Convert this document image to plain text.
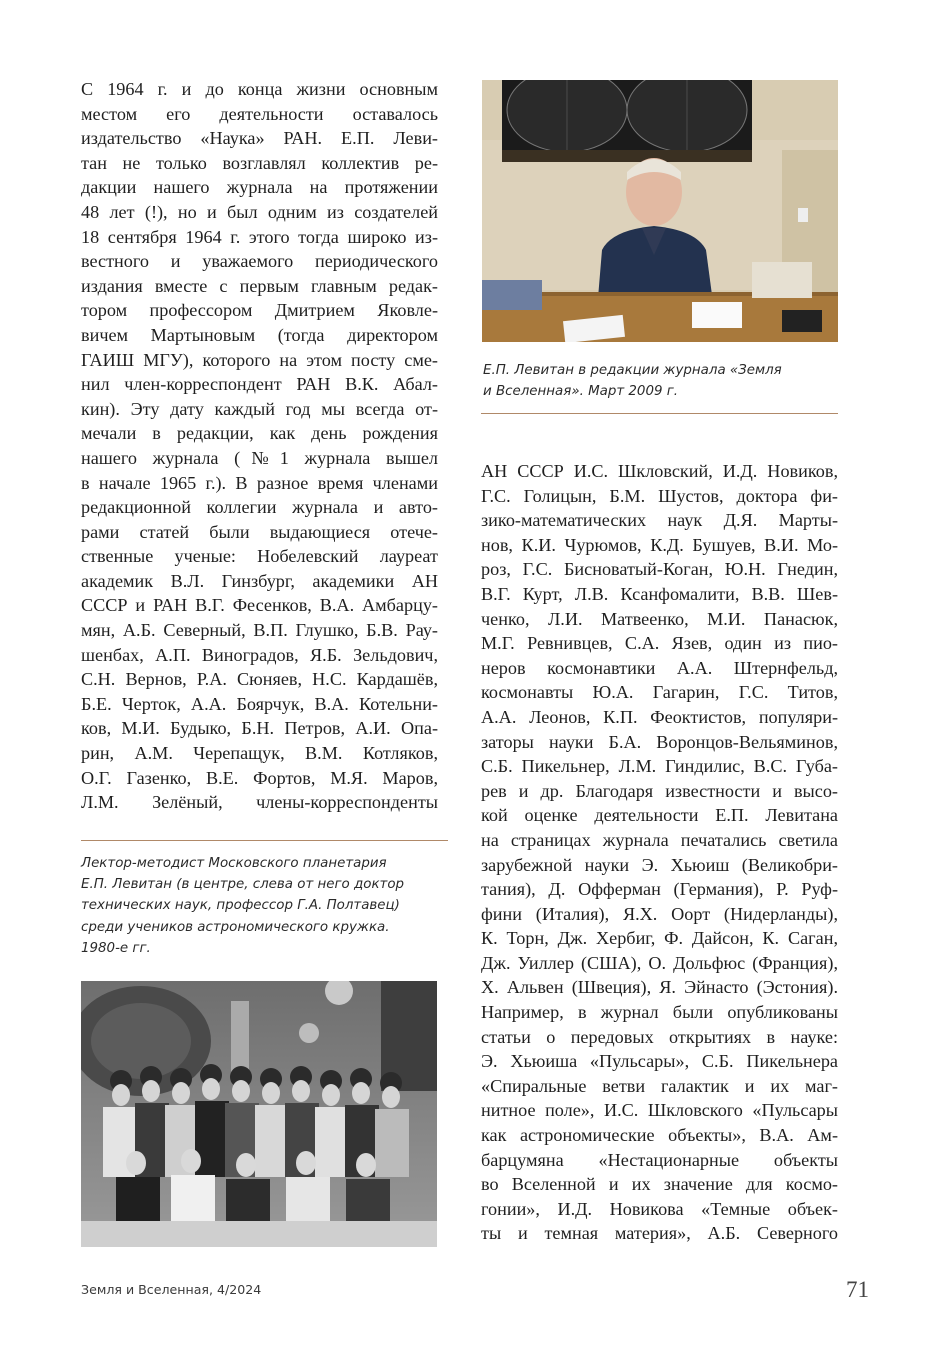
С 1964 г. и до конца жизни основным
местом его деятельности оставалось
издательство «Наука» РАН. Е.П. Леви-
тан не только возглавлял коллектив ре-
дакции нашего журнала на протяжении
48 лет (!), но и был одним из создателей
18 сентября 1964 г. этого тогда широко из-
вестного и уважаемого периодического
издания вместе с первым главным редак-
тором профессором Дмитрием Яковле-
вичем Мартыновым (тогда директором
ГАИШ МГУ), которого на этом посту сме-
нил член-корреспондент РАН В.К. Абал-
кин). Эту дату каждый год мы всегда от-
мечали в редакции, как день рождения
нашего журнала (№1 журнала вышел
в начале 1965 г.). В разное время членами
редакционной коллегии журнала и авто-
рами статей были выдающиеся отече-
ственные ученые: Нобелевский лауреат
академик В.Л. Гинзбург, академики АН
СССР и РАН В.Г. Фесенков, В.А. Амбарцу-
мян, А.Б. Северный, В.П. Глушко, Б.В. Рау-
шенбах, А.П. Виноградов, Я.Б. Зельдович,
С.Н. Вернов, Р.А. Сюняев, Н.С. Кардашёв,
Б.Е. Черток, А.А. Боярчук, В.А. Котельни-
ков, М.И. Будыко, Б.Н. Петров, А.И. Опа-
рин, А.М. Черепащук, В.М. Котляков,
О.Г. Газенко, В.Е. Фортов, М.Я. Маров,
Л.М. Зелёный, члены-корреспонденты
Е.П. Левитан в редакции журнала «Земля
и Вселенная». Март 2009 г.
АН СССР И.С. Шкловский, И.Д. Новиков,
Г.С. Голицын, Б.М. Шустов, доктора фи-
зико-математических наук Д.Я. Марты-
нов, К.И. Чурюмов, К.Д. Бушуев, В.И. Мо-
роз, Г.С. Бисноватый-Коган, Ю.Н. Гнедин,
В.Г. Курт, Л.В. Ксанфомалити, В.В. Шев-
ченко, Л.И. Матвеенко, М.И. Панасюк,
М.Г. Ревнивцев, С.А. Язев, один из пио-
неров космонавтики А.А. Штернфельд,
космонавты Ю.А. Гагарин, Г.С. Титов,
А.А. Леонов, К.П. Феоктистов, популяри-
заторы науки Б.А. Воронцов-Вельяминов,
С.Б. Пикельнер, Л.М. Гиндилис, В.С. Губа-
рев и др. Благодаря известности и высо-
кой оценке деятельности Е.П. Левитана
на страницах журнала печатались светила
зарубежной науки Э. Хьюиш (Великобри-
тания), Д. Офферман (Германия), Р. Руф-
фини (Италия), Я.Х. Оорт (Нидерланды),
К. Торн, Дж. Хербиг, Ф. Дайсон, К. Саган,
Дж. Уиллер (США), О. Дольфюс (Франция),
Х. Альвен (Швеция), Я. Эйнасто (Эстония).
Например, в журнал были опубликованы
статьи о передовых открытиях в науке:
Э. Хьюиша «Пульсары», С.Б. Пикельнера
«Спиральные ветви галактик и их маг-
нитное поле», И.С. Шкловского «Пульсары
как астрономические объекты», В.А. Ам-
барцумяна «Нестационарные объекты
во Вселенной и их значение для космо-
гонии», И.Д. Новикова «Темные объек-
ты и темная материя», А.Б. Северного
Лектор-методист Московского планетария
Е.П. Левитан (в центре, слева от него доктор
технических наук, профессор Г.А. Полтавец)
среди учеников астрономического кружка.
1980-е гг.
Земля и Вселенная, 4/2024	71
